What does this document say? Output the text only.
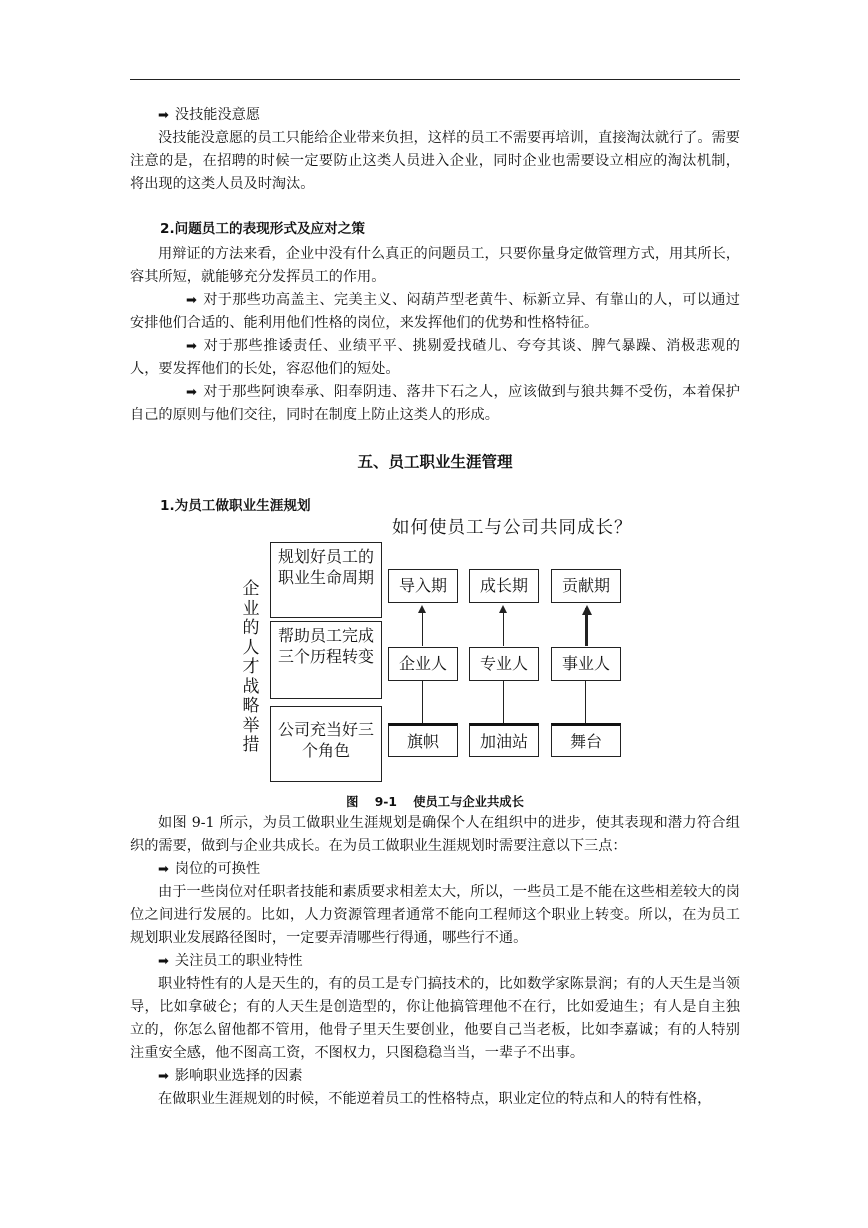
➡ 没技能没意愿

没技能没意愿的员工只能给企业带来负担，这样的员工不需要再培训，直接淘汰就行了。需要注意的是，在招聘的时候一定要防止这类人员进入企业，同时企业也需要设立相应的淘汰机制，将出现的这类人员及时淘汰。

2.问题员工的表现形式及应对之策

用辩证的方法来看，企业中没有什么真正的问题员工，只要你量身定做管理方式，用其所长，容其所短，就能够充分发挥员工的作用。

➡ 对于那些功高盖主、完美主义、闷葫芦型老黄牛、标新立异、有靠山的人，可以通过安排他们合适的、能利用他们性格的岗位，来发挥他们的优势和性格特征。

➡ 对于那些推诿责任、业绩平平、挑剔爱找碴儿、夸夸其谈、脾气暴躁、消极悲观的人，要发挥他们的长处，容忍他们的短处。

➡ 对于那些阿谀奉承、阳奉阴违、落井下石之人，应该做到与狼共舞不受伤，本着保护自己的原则与他们交往，同时在制度上防止这类人的形成。

五、员工职业生涯管理
1.为员工做职业生涯规划
如何使员工与公司共同成长？
企业的人才战略举措
规划好员工的职业生命周期
帮助员工完成三个历程转变
公司充当好三个角色
导入期	成长期	贡献期
企业人	专业人	事业人
旗帜	加油站	舞台
图 9-1 使员工与企业共成长

如图 9-1 所示，为员工做职业生涯规划是确保个人在组织中的进步，使其表现和潜力符合组织的需要，做到与企业共成长。在为员工做职业生涯规划时需要注意以下三点：

➡ 岗位的可换性

由于一些岗位对任职者技能和素质要求相差太大，所以，一些员工是不能在这些相差较大的岗位之间进行发展的。比如，人力资源管理者通常不能向工程师这个职业上转变。所以，在为员工规划职业发展路径图时，一定要弄清哪些行得通，哪些行不通。

➡ 关注员工的职业特性

职业特性有的人是天生的，有的员工是专门搞技术的，比如数学家陈景润；有的人天生是当领导，比如拿破仑；有的人天生是创造型的，你让他搞管理他不在行，比如爱迪生；有人是自主独立的，你怎么留他都不管用，他骨子里天生要创业，他要自己当老板，比如李嘉诚；有的人特别注重安全感，他不图高工资，不图权力，只图稳稳当当，一辈子不出事。

➡ 影响职业选择的因素

在做职业生涯规划的时候，不能逆着员工的性格特点，职业定位的特点和人的特有性格，
